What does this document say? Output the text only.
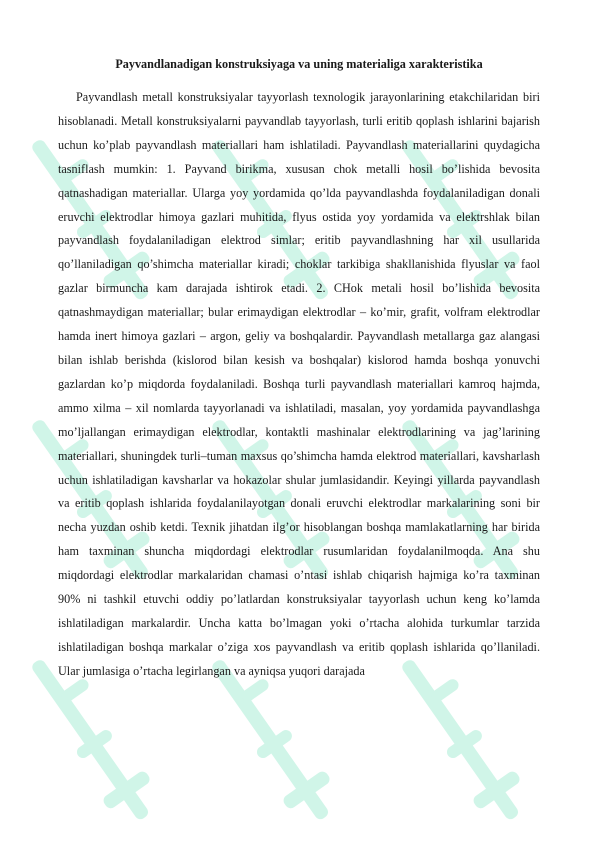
Payvandlanadigan konstruksiyaga va uning materialiga xarakteristika

Payvandlash metall konstruksiyalar tayyorlash texnologik jarayonlarining etakchilaridan biri hisoblanadi. Metall konstruksiyalarni payvandlab tayyorlash, turli eritib qoplash ishlarini bajarish uchun ko’plab payvandlash materiallari ham ishlatiladi. Payvandlash materiallarini quydagicha tasniflash mumkin: 1. Payvand birikma, xususan chok metalli hosil bo’lishida bevosita qatnashadigan materiallar. Ularga yoy yordamida qo’lda payvandlashda foydalaniladigan donali eruvchi elektrodlar himoya gazlari muhitida, flyus ostida yoy yordamida va elektrshlak bilan payvandlash foydalaniladigan elektrod simlar; eritib payvandlashning har xil usullarida qo’llaniladigan qo’shimcha materiallar kiradi; choklar tarkibiga shakllanishida flyuslar va faol gazlar birmuncha kam darajada ishtirok etadi. 2. CHok metali hosil bo’lishida bevosita qatnashmaydigan materiallar; bular erimaydigan elektrodlar – ko’mir, grafit, volfram elektrodlar hamda inert himoya gazlari – argon, geliy va boshqalardir. Payvandlash metallarga gaz alangasi bilan ishlab berishda (kislorod bilan kesish va boshqalar) kislorod hamda boshqa yonuvchi gazlardan ko’p miqdorda foydalaniladi. Boshqa turli payvandlash materiallari kamroq hajmda, ammo xilma – xil nomlarda tayyorlanadi va ishlatiladi, masalan, yoy yordamida payvandlashga mo’ljallangan erimaydigan elektrodlar, kontaktli mashinalar elektrodlarining va jag’larining materiallari, shuningdek turli–tuman maxsus qo’shimcha hamda elektrod materiallari, kavsharlash uchun ishlatiladigan kavsharlar va hokazolar shular jumlasidandir. Keyingi yillarda payvandlash va eritib qoplash ishlarida foydalanilayotgan donali eruvchi elektrodlar markalarining soni bir necha yuzdan oshib ketdi. Texnik jihatdan ilg’or hisoblangan boshqa mamlakatlarning har birida ham taxminan shuncha miqdordagi elektrodlar rusumlaridan foydalanilmoqda. Ana shu miqdordagi elektrodlar markalaridan chamasi o’ntasi ishlab chiqarish hajmiga ko’ra taxminan 90% ni tashkil etuvchi oddiy po’latlardan konstruksiyalar tayyorlash uchun keng ko’lamda ishlatiladigan markalardir. Uncha katta bo’lmagan yoki o’rtacha alohida turkumlar tarzida ishlatiladigan boshqa markalar o’ziga xos payvandlash va eritib qoplash ishlarida qo’llaniladi. Ular jumlasiga o’rtacha legirlangan va ayniqsa yuqori darajada
